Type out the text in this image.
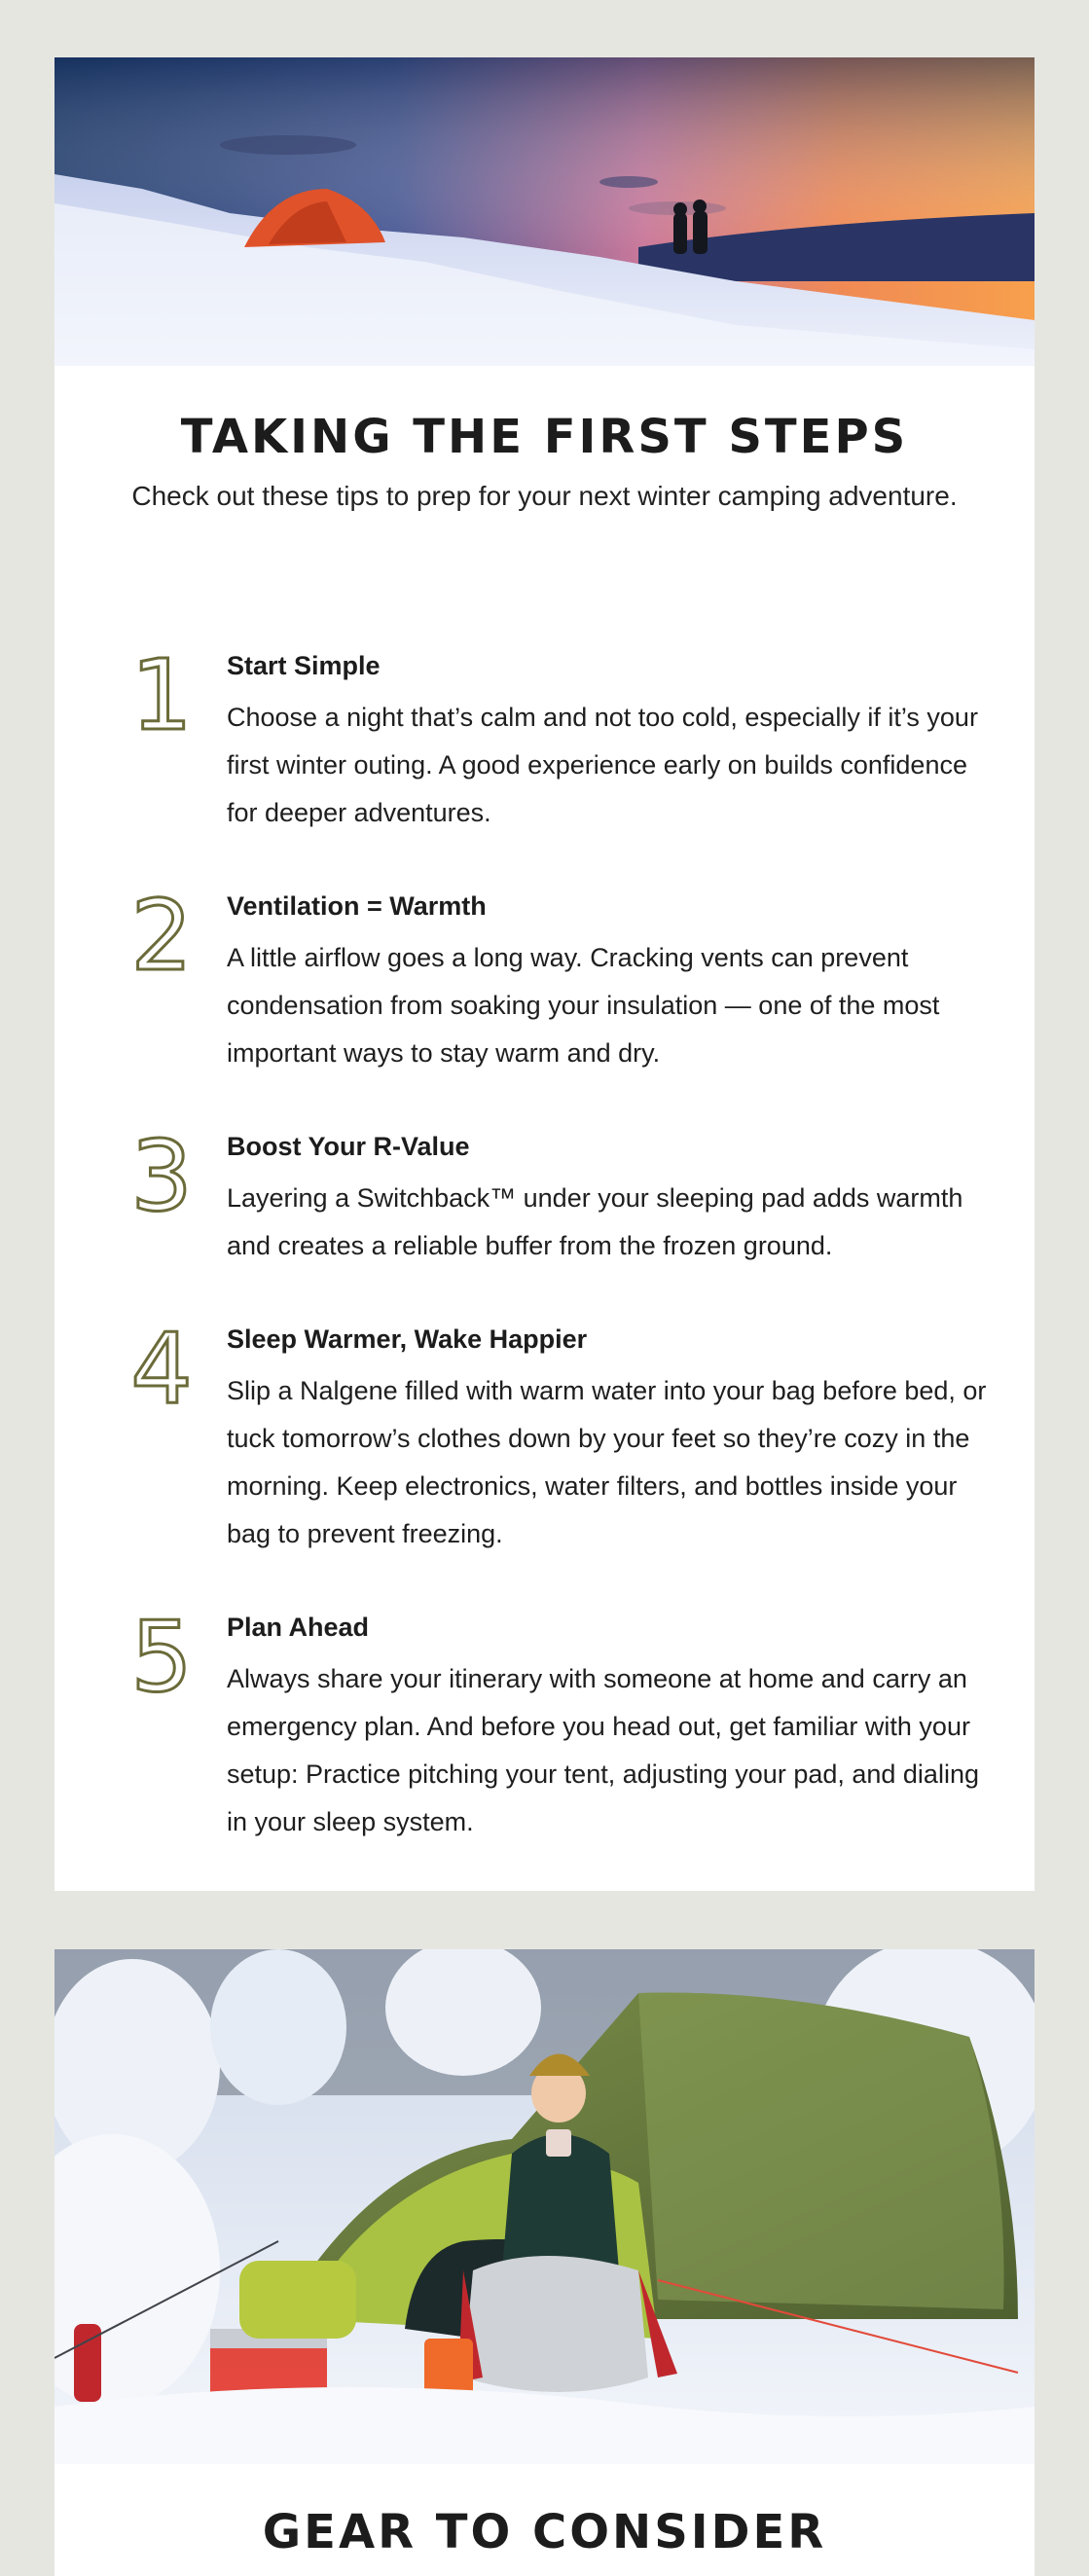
TAKING THE FIRST STEPS

Check out these tips to prep for your next winter camping adventure.

1	Start Simple

Choose a night that’s calm and not too cold, especially if it’s your first winter outing. A good experience early on builds confidence for deeper adventures.

2	Ventilation = Warmth

A little airflow goes a long way. Cracking vents can prevent condensation from soaking your insulation — one of the most important ways to stay warm and dry.

3	Boost Your R-Value

Layering a Switchback™ under your sleeping pad adds warmth and creates a reliable buffer from the frozen ground.

4	Sleep Warmer, Wake Happier

Slip a Nalgene filled with warm water into your bag before bed, or tuck tomorrow’s clothes down by your feet so they’re cozy in the morning. Keep electronics, water filters, and bottles inside your bag to prevent freezing.

5	Plan Ahead

Always share your itinerary with someone at home and carry an emergency plan. And before you head out, get familiar with your setup: Practice pitching your tent, adjusting your pad, and dialing in your sleep system.

GEAR TO CONSIDER
